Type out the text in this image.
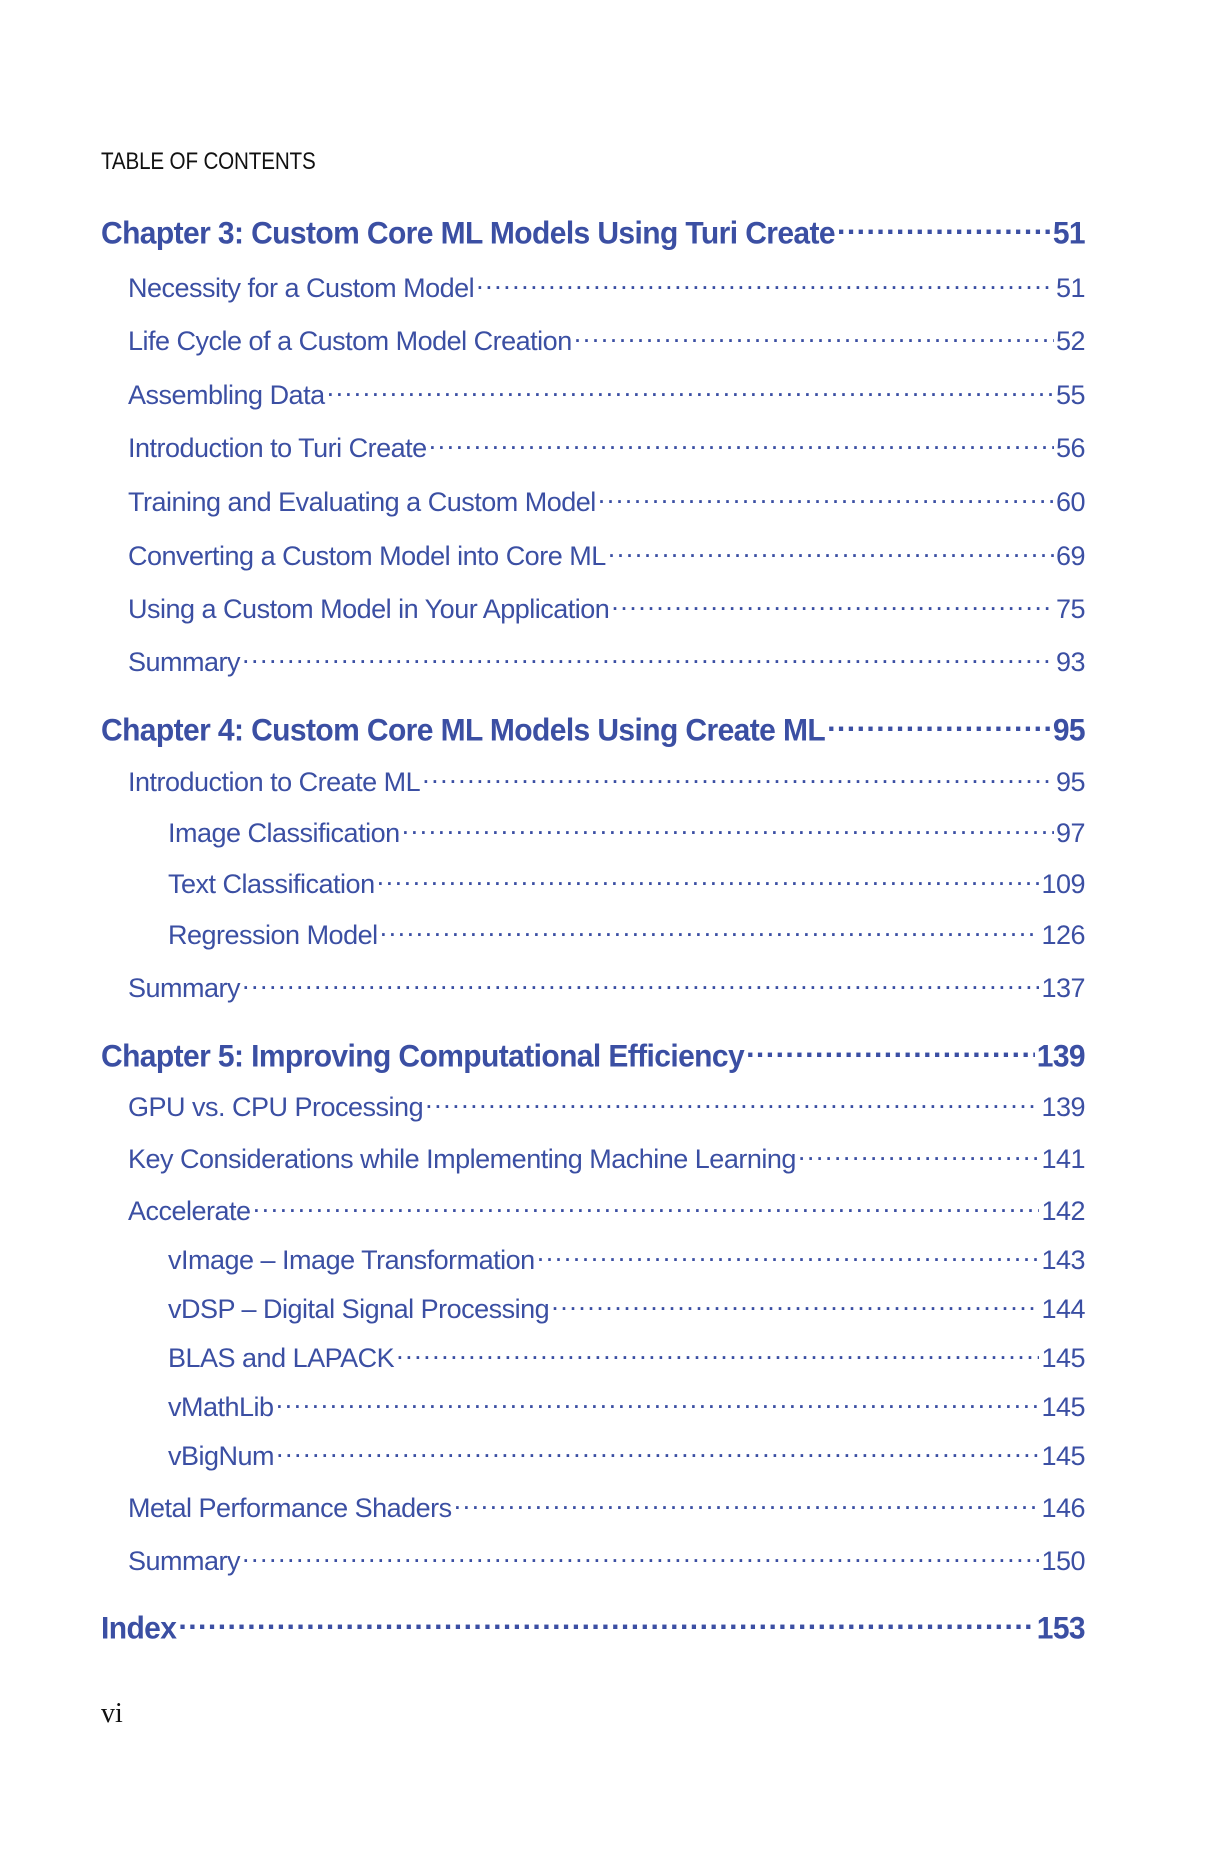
TABLE OF CONTENTS
Chapter 3: Custom Core ML Models Using Turi Create .....	51
Necessity for a Custom Model .....	51
Life Cycle of a Custom Model Creation .....	52
Assembling Data .....	55
Introduction to Turi Create .....	56
Training and Evaluating a Custom Model .....	60
Converting a Custom Model into Core ML .....	69
Using a Custom Model in Your Application .....	75
Summary .....	93
Chapter 4: Custom Core ML Models Using Create ML .....	95
Introduction to Create ML .....	95
Image Classification .....	97
Text Classification .....	109
Regression Model .....	126
Summary .....	137
Chapter 5: Improving Computational Efficiency .....	139
GPU vs. CPU Processing .....	139
Key Considerations while Implementing Machine Learning .....	141
Accelerate .....	142
vImage – Image Transformation .....	143
vDSP – Digital Signal Processing .....	144
BLAS and LAPACK .....	145
vMathLib .....	145
vBigNum .....	145
Metal Performance Shaders .....	146
Summary .....	150
Index .....	153
vi
